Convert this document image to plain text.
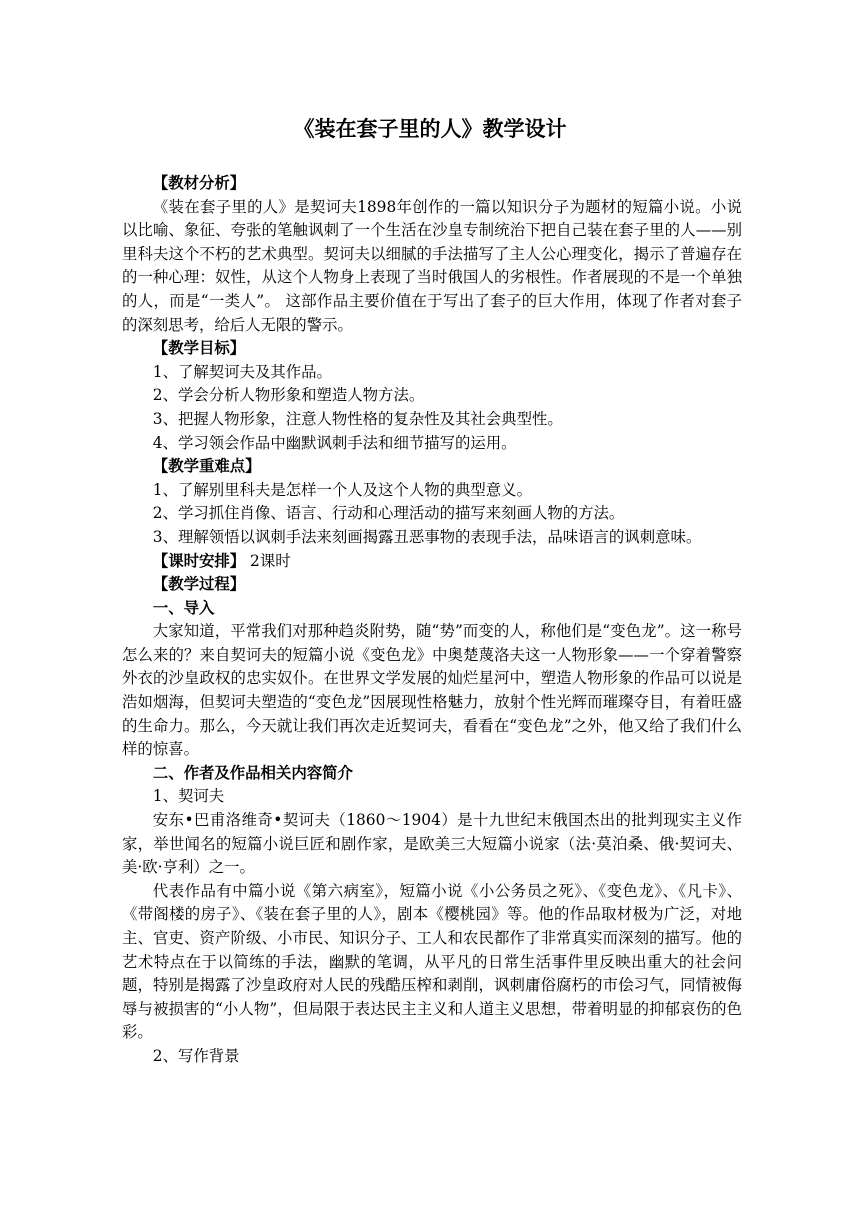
《装在套子里的人》教学设计

【教材分析】

《装在套子里的人》是契诃夫1898年创作的一篇以知识分子为题材的短篇小说。小说以比喻、象征、夸张的笔触讽刺了一个生活在沙皇专制统治下把自己装在套子里的人——别里科夫这个不朽的艺术典型。契诃夫以细腻的手法描写了主人公心理变化，揭示了普遍存在的一种心理：奴性，从这个人物身上表现了当时俄国人的劣根性。作者展现的不是一个单独的人，而是“一类人”。 这部作品主要价值在于写出了套子的巨大作用，体现了作者对套子的深刻思考，给后人无限的警示。

【教学目标】

1、了解契诃夫及其作品。

2、学会分析人物形象和塑造人物方法。

3、把握人物形象，注意人物性格的复杂性及其社会典型性。

4、学习领会作品中幽默讽刺手法和细节描写的运用。

【教学重难点】

1、了解别里科夫是怎样一个人及这个人物的典型意义。

2、学习抓住肖像、语言、行动和心理活动的描写来刻画人物的方法。

3、理解领悟以讽刺手法来刻画揭露丑恶事物的表现手法，品味语言的讽刺意味。

【课时安排】 2课时

【教学过程】

一、导入

大家知道，平常我们对那种趋炎附势，随“势”而变的人，称他们是“变色龙”。这一称号怎么来的？来自契诃夫的短篇小说《变色龙》中奥楚蔑洛夫这一人物形象——一个穿着警察外衣的沙皇政权的忠实奴仆。在世界文学发展的灿烂星河中，塑造人物形象的作品可以说是浩如烟海，但契诃夫塑造的“变色龙”因展现性格魅力，放射个性光辉而璀璨夺目，有着旺盛的生命力。那么，今天就让我们再次走近契诃夫，看看在“变色龙”之外，他又给了我们什么样的惊喜。

二、作者及作品相关内容简介

1、契诃夫

安东•巴甫洛维奇•契诃夫（1860～1904）是十九世纪末俄国杰出的批判现实主义作家，举世闻名的短篇小说巨匠和剧作家，是欧美三大短篇小说家（法·莫泊桑、俄·契诃夫、美·欧·亨利）之一。

代表作品有中篇小说《第六病室》，短篇小说《小公务员之死》、《变色龙》、《凡卡》、《带阁楼的房子》、《装在套子里的人》，剧本《樱桃园》等。他的作品取材极为广泛，对地主、官吏、资产阶级、小市民、知识分子、工人和农民都作了非常真实而深刻的描写。他的艺术特点在于以简练的手法，幽默的笔调，从平凡的日常生活事件里反映出重大的社会问题，特别是揭露了沙皇政府对人民的残酷压榨和剥削，讽刺庸俗腐朽的市侩习气，同情被侮辱与被损害的“小人物”，但局限于表达民主主义和人道主义思想，带着明显的抑郁哀伤的色彩。

2、写作背景
